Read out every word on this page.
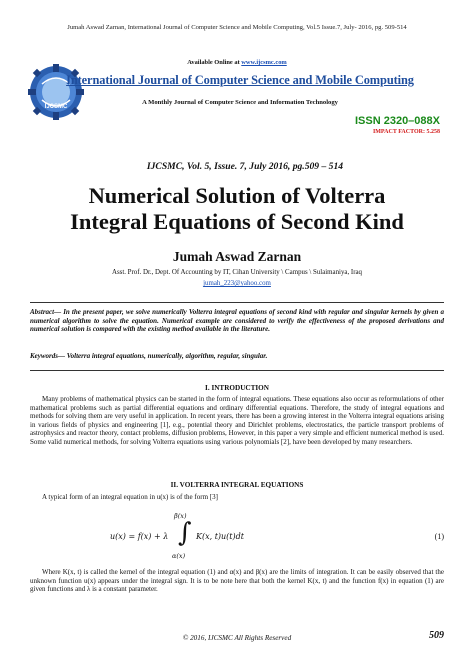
Jumah Aswad Zarnan, International Journal of Computer Science and Mobile Computing, Vol.5 Issue.7, July- 2016, pg. 509-514
IJCSMC
Available Online at www.ijcsmc.com
International Journal of Computer Science and Mobile Computing
A Monthly Journal of Computer Science and Information Technology
ISSN 2320–088X
IMPACT FACTOR: 5.258
IJCSMC, Vol. 5, Issue. 7, July 2016, pg.509 – 514
Numerical Solution of Volterra
Integral Equations of Second Kind
Jumah Aswad Zarnan
Asst. Prof. Dr., Dept. Of Accounting by IT, Cihan University \ Campus \ Sulaimaniya, Iraq
jumah_223@yahoo.com
Abstract— In the present paper, we solve numerically Volterra integral equations of second kind with regular and singular kernels by given a numerical algorithm to solve the equation. Numerical example are considered to verify the effectiveness of the proposed derivations and numerical solution is compared with the existing method available in the literature.
Keywords— Volterra integral equations, numerically, algorithm, regular, singular.
I. INTRODUCTION
Many problems of mathematical physics can be started in the form of integral equations. These equations also occur as reformulations of other mathematical problems such as partial differential equations and ordinary differential equations. Therefore, the study of integral equations and methods for solving them are very useful in application. In recent years, there has been a growing interest in the Volterra integral equations arising in various fields of physics and engineering [1], e.g., potential theory and Dirichlet problems, electrostatics, the particle transport problems of astrophysics and reactor theory, contact problems, diffusion problems, However, in this paper a very simple and efficient numerical method is used. Some valid numerical methods, for solving Volterra equations using various polynomials [2], have been developed by many researchers.
II. VOLTERRA INTEGRAL EQUATIONS
A typical form of an integral equation in u(x) is of the form [3]
u(x) = f(x) + λ
β(x)
∫
α(x)
K(x, t)u(t)dt	(1)
Where K(x, t) is called the kernel of the integral equation (1) and α(x) and β(x) are the limits of integration. It can be easily observed that the unknown function u(x) appears under the integral sign. It is to be note here that both the kernel K(x, t) and the function f(x) in equation (1) are given functions and λ is a constant parameter.
© 2016, IJCSMC All Rights Reserved	509
